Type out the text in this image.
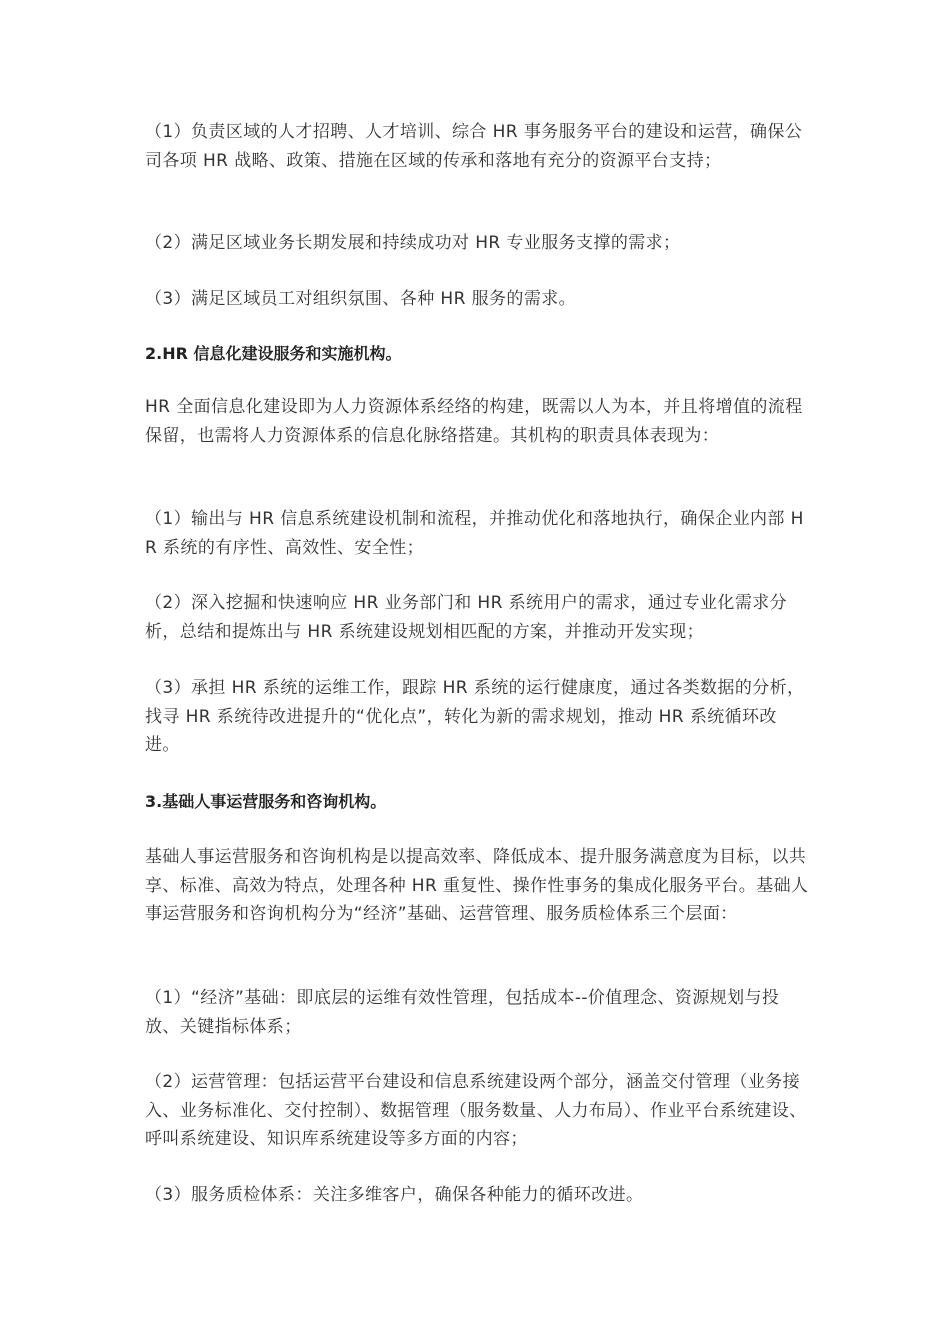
（1）负责区域的人才招聘、人才培训、综合 HR 事务服务平台的建设和运营，确保公司各项 HR 战略、政策、措施在区域的传承和落地有充分的资源平台支持；

（2）满足区域业务长期发展和持续成功对 HR 专业服务支撑的需求；

（3）满足区域员工对组织氛围、各种 HR 服务的需求。

2.HR 信息化建设服务和实施机构。

HR 全面信息化建设即为人力资源体系经络的构建，既需以人为本，并且将增值的流程保留，也需将人力资源体系的信息化脉络搭建。其机构的职责具体表现为：

（1）输出与 HR 信息系统建设机制和流程，并推动优化和落地执行，确保企业内部 HR 系统的有序性、高效性、安全性；

（2）深入挖掘和快速响应 HR 业务部门和 HR 系统用户的需求，通过专业化需求分析，总结和提炼出与 HR 系统建设规划相匹配的方案，并推动开发实现；

（3）承担 HR 系统的运维工作，跟踪 HR 系统的运行健康度，通过各类数据的分析，找寻 HR 系统待改进提升的“优化点”，转化为新的需求规划，推动 HR 系统循环改进。

3.基础人事运营服务和咨询机构。

基础人事运营服务和咨询机构是以提高效率、降低成本、提升服务满意度为目标，以共享、标准、高效为特点，处理各种 HR 重复性、操作性事务的集成化服务平台。基础人事运营服务和咨询机构分为“经济”基础、运营管理、服务质检体系三个层面：

（1）“经济”基础：即底层的运维有效性管理，包括成本--价值理念、资源规划与投放、关键指标体系；

（2）运营管理：包括运营平台建设和信息系统建设两个部分，涵盖交付管理（业务接入、业务标准化、交付控制）、数据管理（服务数量、人力布局）、作业平台系统建设、呼叫系统建设、知识库系统建设等多方面的内容；

（3）服务质检体系：关注多维客户，确保各种能力的循环改进。
